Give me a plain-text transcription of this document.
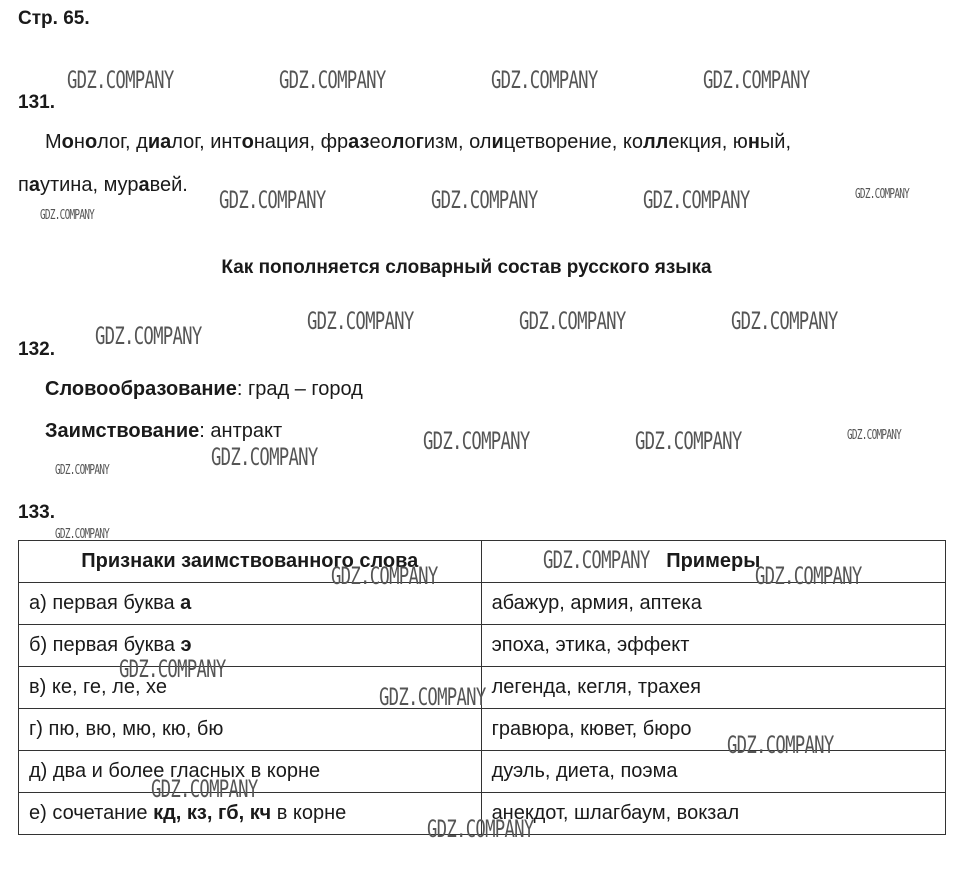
Стр. 65.
131.
Монолог, диалог, интонация, фразеологизм, олицетворение, коллекция, юный,
паутина, муравей.
Как пополняется словарный состав русского языка
132.
Словообразование: град – город
Заимствование: антракт
133.
Признаки заимствованного слова	Примеры
а) первая буква а	абажур, армия, аптека
б) первая буква э	эпоха, этика, эффект
в) ке, ге, ле, хе	легенда, кегля, трахея
г) пю, вю, мю, кю, бю	гравюра, кювет, бюро
д) два и более гласных в корне	дуэль, диета, поэма
е) сочетание кд, кз, гб, кч в корне	анекдот, шлагбаум, вокзал
GDZ.COMPANY	GDZ.COMPANY	GDZ.COMPANY	GDZ.COMPANY
GDZ.COMPANY	GDZ.COMPANY	GDZ.COMPANY	GDZ.COMPANY
GDZ.COMPANY
GDZ.COMPANY
GDZ.COMPANY	GDZ.COMPANY	GDZ.COMPANY
GDZ.COMPANY	GDZ.COMPANY
GDZ.COMPANY
GDZ.COMPANY
GDZ.COMPANY
GDZ.COMPANY
GDZ.COMPANY
GDZ.COMPANY	GDZ.COMPANY
GDZ.COMPANY
GDZ.COMPANY
GDZ.COMPANY
GDZ.COMPANY
GDZ.COMPANY
